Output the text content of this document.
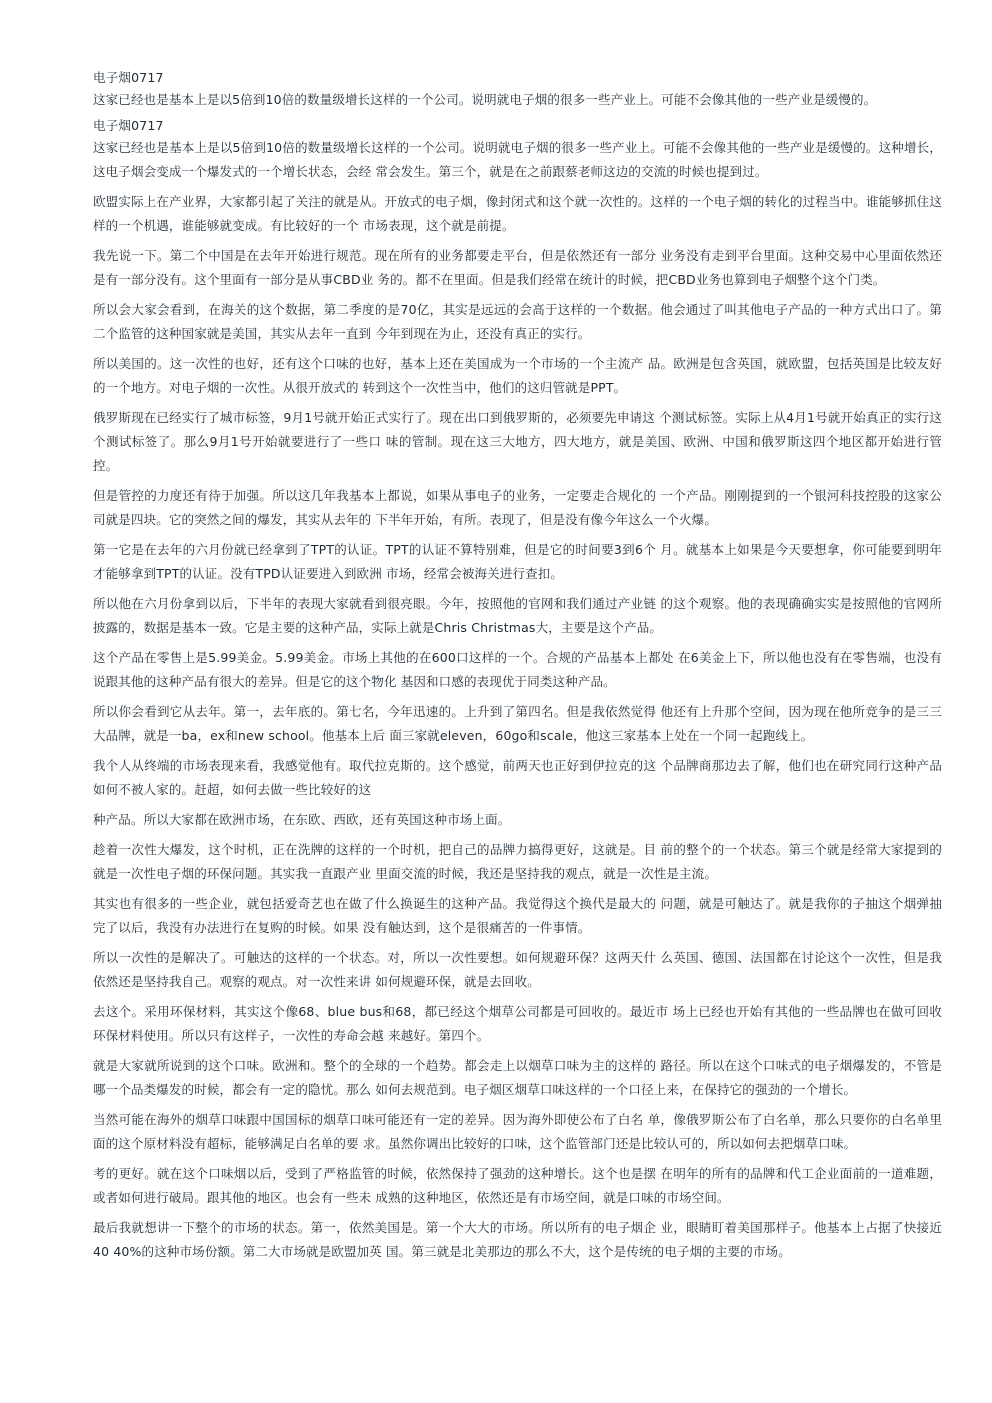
电子烟0717

这家已经也是基本上是以5倍到10倍的数量级增长这样的一个公司。说明就电子烟的很多一些产业上。可能不会像其他的一些产业是缓慢的。

电子烟0717

这家已经也是基本上是以5倍到10倍的数量级增长这样的一个公司。说明就电子烟的很多一些产业上。可能不会像其他的一些产业是缓慢的。这种增长，这电子烟会变成一个爆发式的一个增长状态，会经 常会发生。第三个，就是在之前跟蔡老师这边的交流的时候也提到过。

欧盟实际上在产业界，大家都引起了关注的就是从。开放式的电子烟，像封闭式和这个就一次性的。这样的一个电子烟的转化的过程当中。谁能够抓住这样的一个机遇，谁能够就变成。有比较好的一个 市场表现，这个就是前提。

我先说一下。第二个中国是在去年开始进行规范。现在所有的业务都要走平台，但是依然还有一部分 业务没有走到平台里面。这种交易中心里面依然还是有一部分没有。这个里面有一部分是从事CBD业 务的。都不在里面。但是我们经常在统计的时候，把CBD业务也算到电子烟整个这个门类。

所以会大家会看到，在海关的这个数据，第二季度的是70亿，其实是远远的会高于这样的一个数据。他会通过了叫其他电子产品的一种方式出口了。第二个监管的这种国家就是美国，其实从去年一直到 今年到现在为止，还没有真正的实行。

所以美国的。这一次性的也好，还有这个口味的也好，基本上还在美国成为一个市场的一个主流产 品。欧洲是包含英国，就欧盟，包括英国是比较友好的一个地方。对电子烟的一次性。从很开放式的 转到这个一次性当中，他们的这归管就是PPT。

俄罗斯现在已经实行了城市标签，9月1号就开始正式实行了。现在出口到俄罗斯的，必须要先申请这 个测试标签。实际上从4月1号就开始真正的实行这个测试标签了。那么9月1号开始就要进行了一些口 味的管制。现在这三大地方，四大地方，就是美国、欧洲、中国和俄罗斯这四个地区都开始进行管 控。

但是管控的力度还有待于加强。所以这几年我基本上都说，如果从事电子的业务，一定要走合规化的 一个产品。刚刚提到的一个银河科技控股的这家公司就是四块。它的突然之间的爆发，其实从去年的 下半年开始，有所。表现了，但是没有像今年这么一个火爆。

第一它是在去年的六月份就已经拿到了TPT的认证。TPT的认证不算特别难，但是它的时间要3到6个 月。就基本上如果是今天要想拿，你可能要到明年才能够拿到TPT的认证。没有TPD认证要进入到欧洲 市场，经常会被海关进行查扣。

所以他在六月份拿到以后，下半年的表现大家就看到很亮眼。今年，按照他的官网和我们通过产业链 的这个观察。他的表现确确实实是按照他的官网所披露的，数据是基本一致。它是主要的这种产品，实际上就是Chris Christmas大，主要是这个产品。

这个产品在零售上是5.99美金。5.99美金。市场上其他的在600口这样的一个。合规的产品基本上都处 在6美金上下，所以他也没有在零售端，也没有说跟其他的这种产品有很大的差异。但是它的这个物化 基因和口感的表现优于同类这种产品。

所以你会看到它从去年。第一，去年底的。第七名，今年迅速的。上升到了第四名。但是我依然觉得 他还有上升那个空间，因为现在他所竞争的是三三大品牌，就是一ba，ex和new school。他基本上后 面三家就eleven，60go和scale，他这三家基本上处在一个同一起跑线上。

我个人从终端的市场表现来看，我感觉他有。取代拉克斯的。这个感觉，前两天也正好到伊拉克的这 个品牌商那边去了解，他们也在研究同行这种产品如何不被人家的。赶超，如何去做一些比较好的这

种产品。所以大家都在欧洲市场，在东欧、西欧，还有英国这种市场上面。

趁着一次性大爆发，这个时机，正在洗牌的这样的一个时机，把自己的品牌力搞得更好，这就是。目 前的整个的一个状态。第三个就是经常大家提到的就是一次性电子烟的环保问题。其实我一直跟产业 里面交流的时候，我还是坚持我的观点，就是一次性是主流。

其实也有很多的一些企业，就包括爱奇艺也在做了什么换诞生的这种产品。我觉得这个换代是最大的 问题，就是可触达了。就是我你的子抽这个烟弹抽完了以后，我没有办法进行在复购的时候。如果 没有触达到，这个是很痛苦的一件事情。

所以一次性的是解决了。可触达的这样的一个状态。对，所以一次性要想。如何规避环保？这两天什 么英国、德国、法国都在讨论这个一次性，但是我依然还是坚持我自己。观察的观点。对一次性来讲 如何规避环保，就是去回收。

去这个。采用环保材料，其实这个像68、blue bus和68，都已经这个烟草公司都是可回收的。最近市 场上已经也开始有其他的一些品牌也在做可回收环保材料使用。所以只有这样子，一次性的寿命会越 来越好。第四个。

就是大家就所说到的这个口味。欧洲和。整个的全球的一个趋势。都会走上以烟草口味为主的这样的 路径。所以在这个口味式的电子烟爆发的，不管是哪一个品类爆发的时候，都会有一定的隐忧。那么 如何去规范到。电子烟区烟草口味这样的一个口径上来，在保持它的强劲的一个增长。

当然可能在海外的烟草口味跟中国国标的烟草口味可能还有一定的差异。因为海外即使公布了白名 单，像俄罗斯公布了白名单，那么只要你的白名单里面的这个原材料没有超标，能够满足白名单的要 求。虽然你调出比较好的口味，这个监管部门还是比较认可的，所以如何去把烟草口味。

考的更好。就在这个口味烟以后，受到了严格监管的时候，依然保持了强劲的这种增长。这个也是摆 在明年的所有的品牌和代工企业面前的一道难题，或者如何进行破局。跟其他的地区。也会有一些未 成熟的这种地区，依然还是有市场空间，就是口味的市场空间。

最后我就想讲一下整个的市场的状态。第一，依然美国是。第一个大大的市场。所以所有的电子烟企 业，眼睛盯着美国那样子。他基本上占据了快接近40 40%的这种市场份额。第二大市场就是欧盟加英 国。第三就是北美那边的那么不大，这个是传统的电子烟的主要的市场。
